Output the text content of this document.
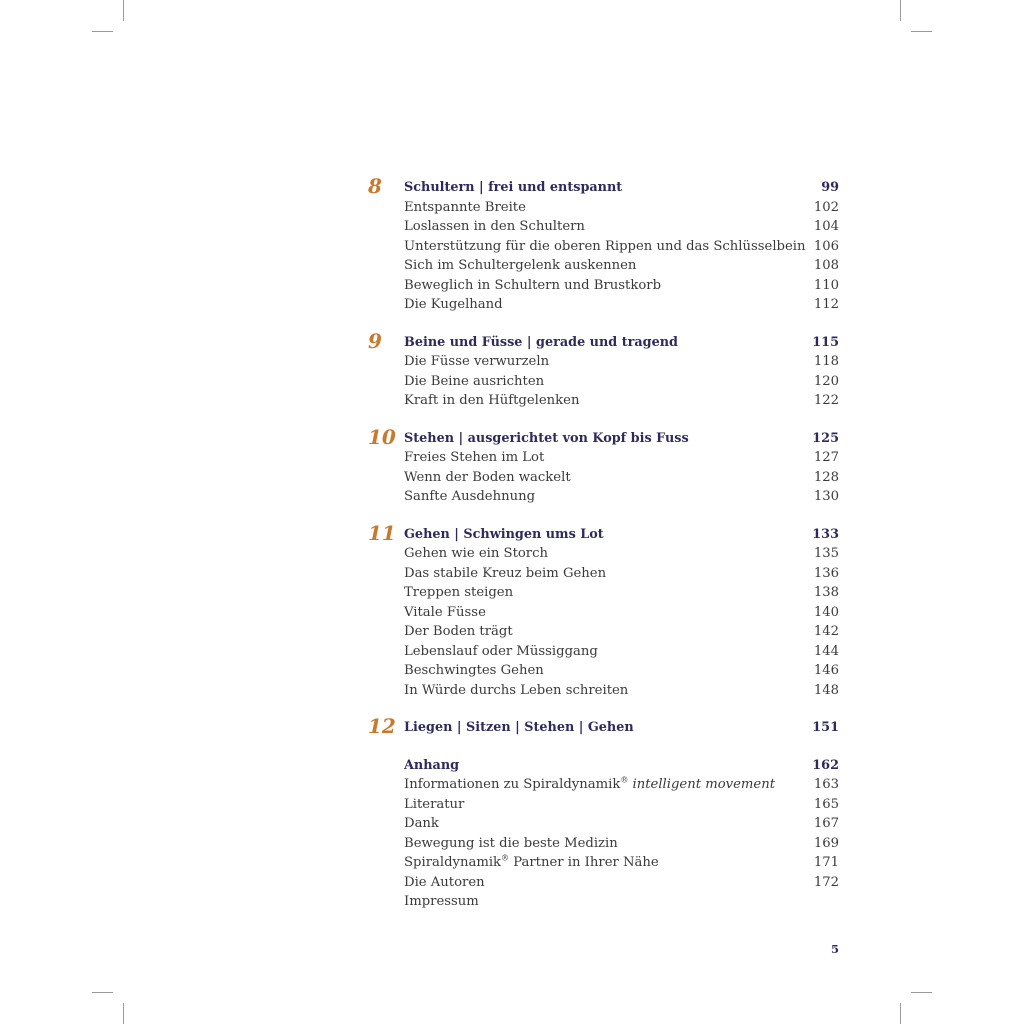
8 Schultern | frei und entspannt	99
Entspannte Breite	102
Loslassen in den Schultern	104
Unterstützung für die oberen Rippen und das Schlüsselbein 106
Sich im Schultergelenk auskennen	108
Beweglich in Schultern und Brustkorb	110
Die Kugelhand	112
9 Beine und Füsse | gerade und tragend	115
Die Füsse verwurzeln	118
Die Beine ausrichten	120
Kraft in den Hüftgelenken	122
10 Stehen | ausgerichtet von Kopf bis Fuss	125
Freies Stehen im Lot	127
Wenn der Boden wackelt	128
Sanfte Ausdehnung	130
11 Gehen | Schwingen ums Lot	133
Gehen wie ein Storch	135
Das stabile Kreuz beim Gehen	136
Treppen steigen	138
Vitale Füsse	140
Der Boden trägt	142
Lebenslauf oder Müssiggang	144
Beschwingtes Gehen	146
In Würde durchs Leben schreiten	148
12 Liegen | Sitzen | Stehen | Gehen	151
Anhang	162
Informationen zu Spiraldynamik® intelligent movement	163
Literatur	165
Dank	167
Bewegung ist die beste Medizin	169
Spiraldynamik® Partner in Ihrer Nähe	171
Die Autoren	172
Impressum
5
